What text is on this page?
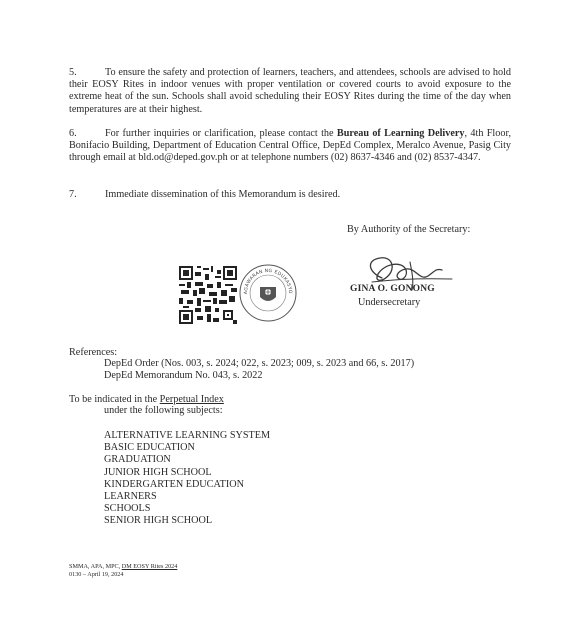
5.	To ensure the safety and protection of learners, teachers, and attendees, schools are advised to hold their EOSY Rites in indoor venues with proper ventilation or covered courts to avoid exposure to the extreme heat of the sun. Schools shall avoid scheduling their EOSY Rites during the time of the day when temperatures are at their highest.
6.	For further inquiries or clarification, please contact the Bureau of Learning Delivery, 4th Floor, Bonifacio Building, Department of Education Central Office, DepEd Complex, Meralco Avenue, Pasig City through email at bld.od@deped.gov.ph or at telephone numbers (02) 8637-4346 and (02) 8537-4347.
7.	Immediate dissemination of this Memorandum is desired.
By Authority of the Secretary:
AGAWARAN NG EDUKASYO	GINA O. GONONG
Undersecretary
References:
DepEd Order (Nos. 003, s. 2024; 022, s. 2023; 009, s. 2023 and 66, s. 2017)
DepEd Memorandum No. 043, s. 2022
To be indicated in the Perpetual Index
under the following subjects:
ALTERNATIVE LEARNING SYSTEM
BASIC EDUCATION
GRADUATION
JUNIOR HIGH SCHOOL
KINDERGARTEN EDUCATION
LEARNERS
SCHOOLS
SENIOR HIGH SCHOOL
SMMA, APA, MPC, DM EOSY Rites 2024
0130 – April 19, 2024
